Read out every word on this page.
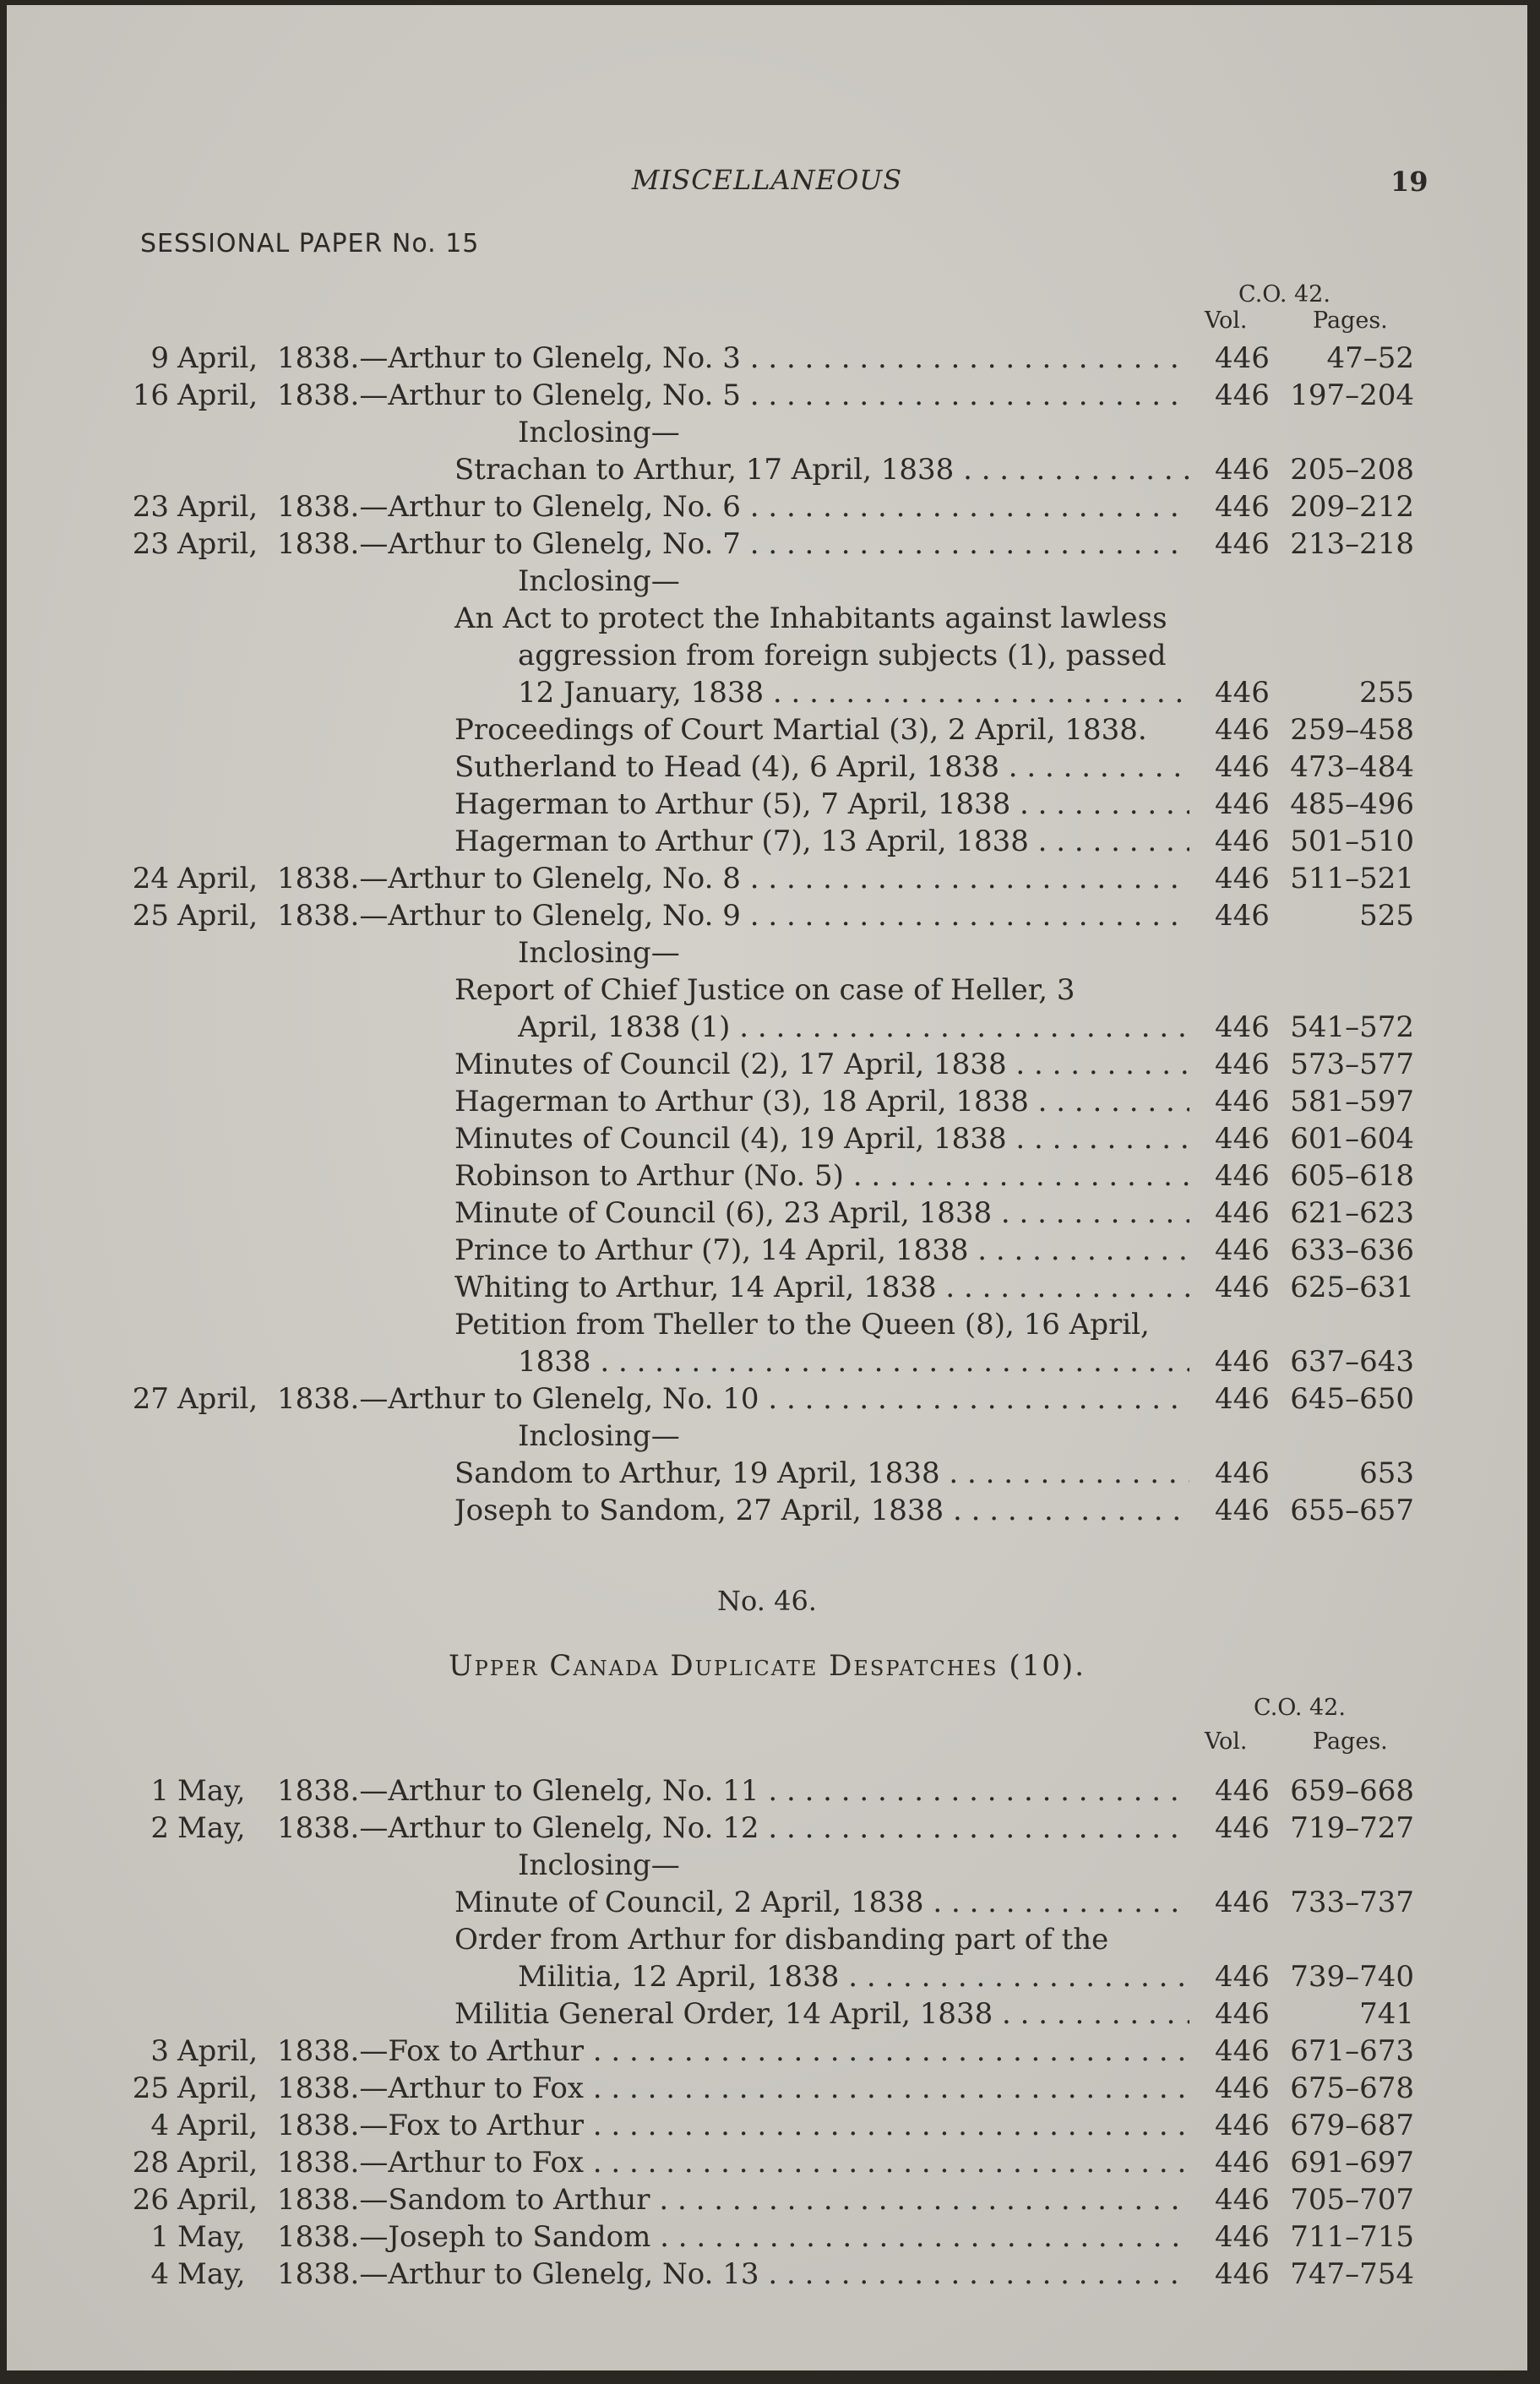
MISCELLANEOUS	19
SESSIONAL PAPER No. 15
C.O. 42.
Vol.	Pages.
9 April, 1838.—Arthur to Glenelg, No. 3 . . .	446	47–52
16 April, 1838.—Arthur to Glenelg, No. 5 . . .	446 197–204
Inclosing—
Strachan to Arthur, 17 April, 1838 . . .	446 205–208
23 April, 1838.—Arthur to Glenelg, No. 6 . . .	446 209–212
23 April, 1838.—Arthur to Glenelg, No. 7 . . .	446 213–218
Inclosing—
An Act to protect the Inhabitants against lawless
aggression from foreign subjects (1), passed
12 January, 1838 . . .	446	255
Proceedings of Court Martial (3), 2 April, 1838. 446 259–458
Sutherland to Head (4), 6 April, 1838 . . .	446 473–484
Hagerman to Arthur (5), 7 April, 1838 . . .	446 485–496
Hagerman to Arthur (7), 13 April, 1838 . . .	446 501–510
24 April, 1838.—Arthur to Glenelg, No. 8 . . .	446 511–521
25 April, 1838.—Arthur to Glenelg, No. 9 . . .	446	525
Inclosing—
Report of Chief Justice on case of Heller, 3
April, 1838 (1) . . .	446 541–572
Minutes of Council (2), 17 April, 1838 . . .	446 573–577
Hagerman to Arthur (3), 18 April, 1838 . . .	446 581–597
Minutes of Council (4), 19 April, 1838 . . .	446 601–604
Robinson to Arthur (No. 5) . . .	446 605–618
Minute of Council (6), 23 April, 1838 . . .	446 621–623
Prince to Arthur (7), 14 April, 1838 . . .	446 633–636
Whiting to Arthur, 14 April, 1838 . . .	446 625–631
Petition from Theller to the Queen (8), 16 April,
1838 . . .	446 637–643
27 April, 1838.—Arthur to Glenelg, No. 10 . . .	446 645–650
Inclosing—
Sandom to Arthur, 19 April, 1838 . . .	446	653
Joseph to Sandom, 27 April, 1838 . . .	446 655–657
No. 46.
Upper Canada Duplicate Despatches (10).
C.O. 42.
Vol.	Pages.
1 May, 1838.—Arthur to Glenelg, No. 11 . . .	446 659–668
2 May, 1838.—Arthur to Glenelg, No. 12 . . .	446 719–727
Inclosing—
Minute of Council, 2 April, 1838 . . .	446 733–737
Order from Arthur for disbanding part of the
Militia, 12 April, 1838 . . .	446 739–740
Militia General Order, 14 April, 1838 . . .	446	741
3 April, 1838.—Fox to Arthur . . .	446 671–673
25 April, 1838.—Arthur to Fox . . .	446 675–678
4 April, 1838.—Fox to Arthur . . .	446 679–687
28 April, 1838.—Arthur to Fox . . .	446 691–697
26 April, 1838.—Sandom to Arthur . . .	446 705–707
1 May, 1838.—Joseph to Sandom . . .	446 711–715
4 May, 1838.—Arthur to Glenelg, No. 13 . . .	446 747–754
